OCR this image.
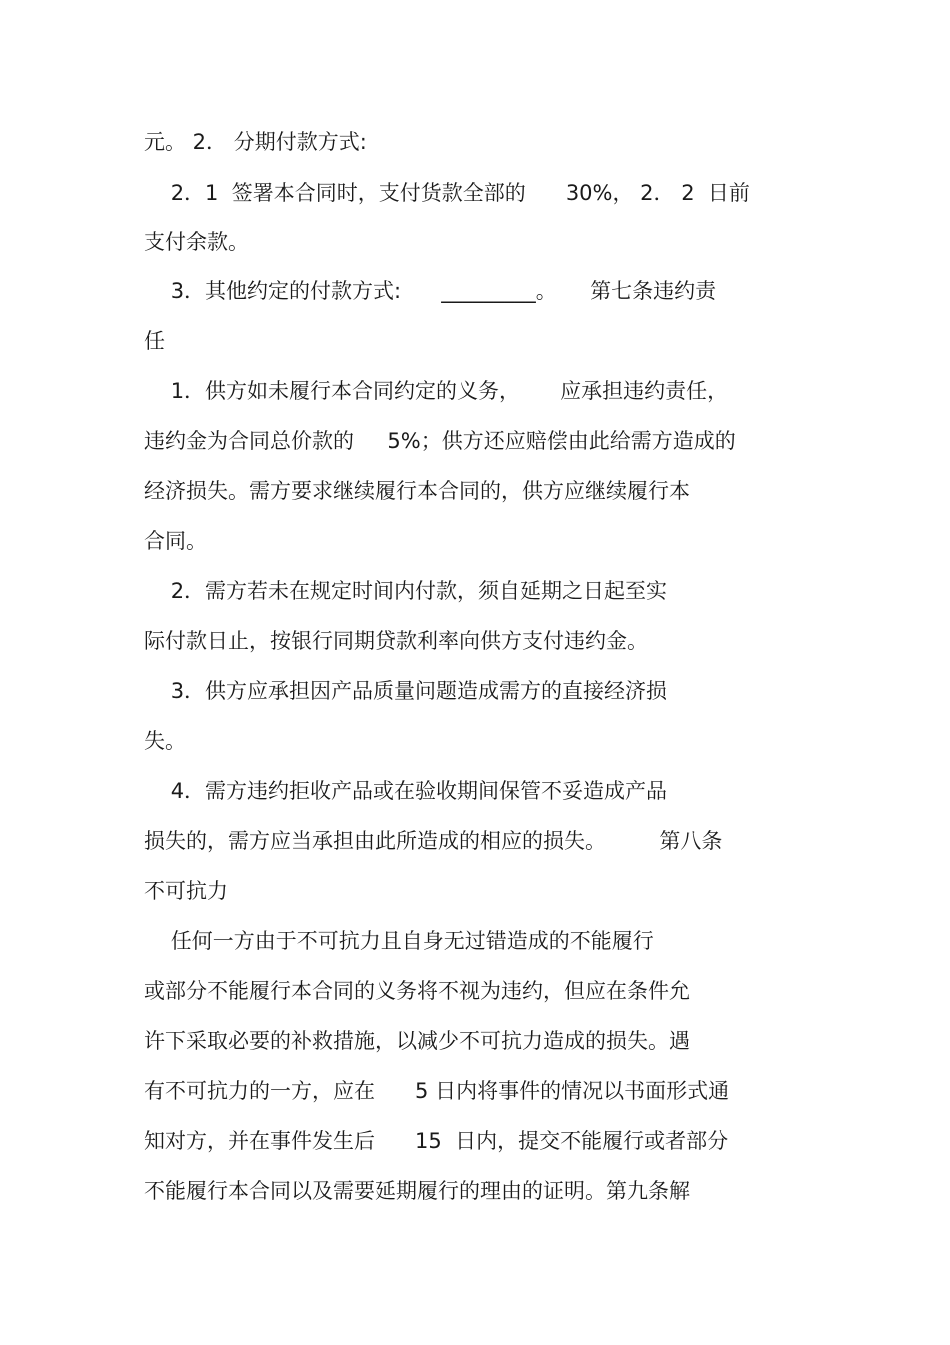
元。 2． 分期付款方式:
2．1  签署本合同时，支付货款全部的      30%， 2． 2  日前
支付余款。
3．其他约定的付款方式:      _________。     第七条违约责
任
1．供方如未履行本合同约定的义务，      应承担违约责任，
违约金为合同总价款的     5%；供方还应赔偿由此给需方造成的
经济损失。需方要求继续履行本合同的，供方应继续履行本
合同。
2．需方若未在规定时间内付款，须自延期之日起至实
际付款日止，按银行同期贷款利率向供方支付违约金。
3．供方应承担因产品质量问题造成需方的直接经济损
失。
4．需方违约拒收产品或在验收期间保管不妥造成产品
损失的，需方应当承担由此所造成的相应的损失。        第八条
不可抗力
任何一方由于不可抗力且自身无过错造成的不能履行
或部分不能履行本合同的义务将不视为违约，但应在条件允
许下采取必要的补救措施，以减少不可抗力造成的损失。遇
有不可抗力的一方，应在      5 日内将事件的情况以书面形式通
知对方，并在事件发生后      15  日内，提交不能履行或者部分
不能履行本合同以及需要延期履行的理由的证明。第九条解
